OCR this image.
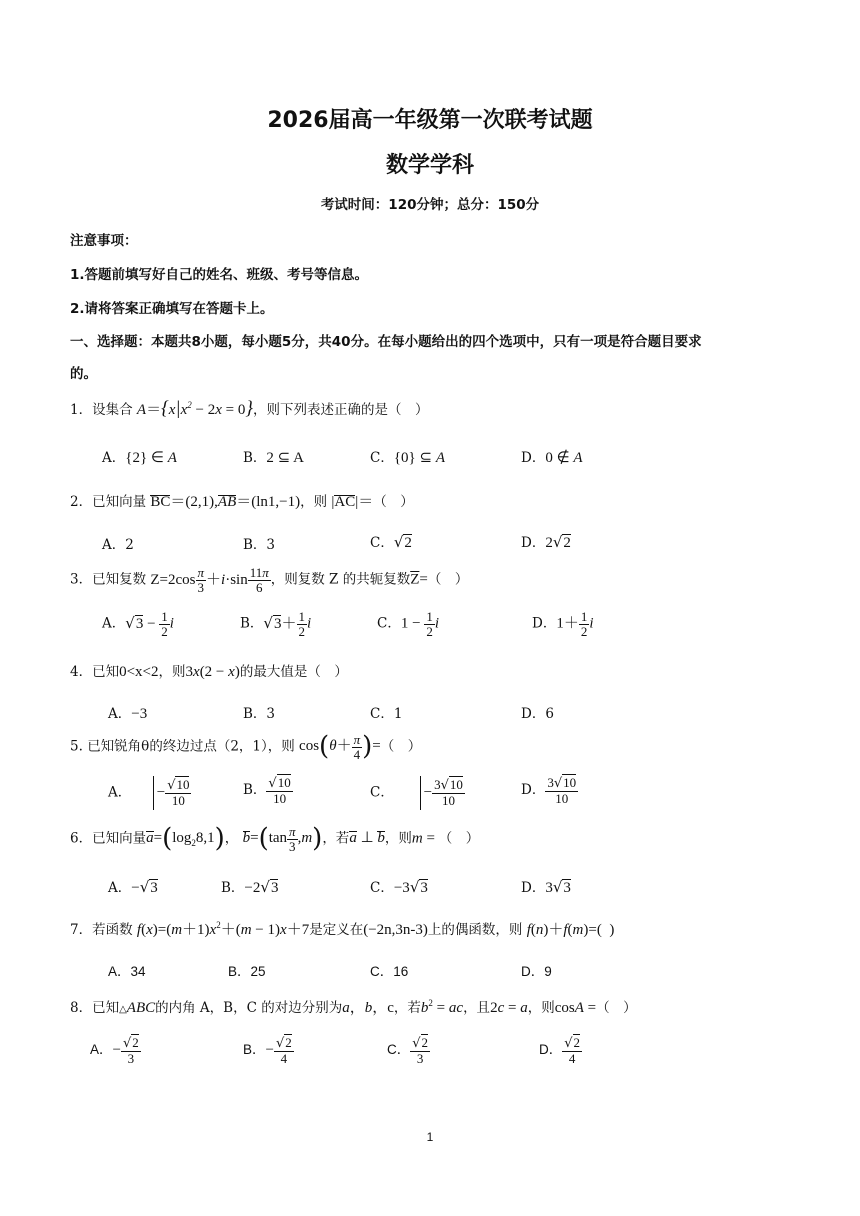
2026届高一年级第一次联考试题
数学学科
考试时间：120分钟；总分：150分
注意事项：
1.答题前填写好自己的姓名、班级、考号等信息。
2.请将答案正确填写在答题卡上。
一、选择题：本题共8小题，每小题5分，共40分。在每小题给出的四个选项中，只有一项是符合题目要求
的。
1．设集合 $A=\{x|x^2 - 2x = 0\}$，则下列表述正确的是（　）
A．{2} ∈ A	B．2 ⊆ A	C．{0} ⊆ A	D．0 ∉ A
2．已知向量 BC＝(2,1),AB＝(ln1,−1)，则 |AC|＝（　）
A．2	B．3	C．√2	D．2√2
3．已知复数 $Z=2\cos \frac{\pi}{3} +i\cdot\sin \frac{11\pi}{6}$ ，则复数 Z 的共轭复数$\overline{Z}=$（　）
A．$√3 - \frac{1}{2}$ i	B．$√3+ \frac{1}{2}$ i	C．$1 - \frac{1}{2}$ i	D．$1+ \frac{1}{2}$ i
4．已知0<x<2，则3x(2 − x)的最大值是（　）
A．−3	B．3	C．1	D．6
5. 已知锐角θ的终边过点（2，1），则 $\cos(\theta+ \frac{\pi}{4}$ )=（　）
A． − $\frac{√10}{10}$	B． $\frac{√10}{10}$	C． − $\frac{3√10}{10}$	D． $\frac{3√10}{10}$
6．已知向量$a=(\log_28,1)$， $b=(\tan \frac{\pi}{3} ,m)$，若a ⊥ b，则m = （　）
A．−√3	B．−2√3	C．−3√3	D．3√3
7．若函数 $f(x)=(m+1)x^2+(m - 1)x+7$是定义在(−2n,3n-3)上的偶函数，则 f(n)＋f(m)=(  )
A．34	B．25	C．16	D．9
8．已知△ABC的内角 A，B，C 的对边分别为a，b，c，若$b^2$ = ac，且2c = a，则cosA =（　）
A．− $\frac{√2}{3}$	B．− $\frac{√2}{4}$	C． $\frac{√2}{3}$	D． $\frac{√2}{4}$
1
